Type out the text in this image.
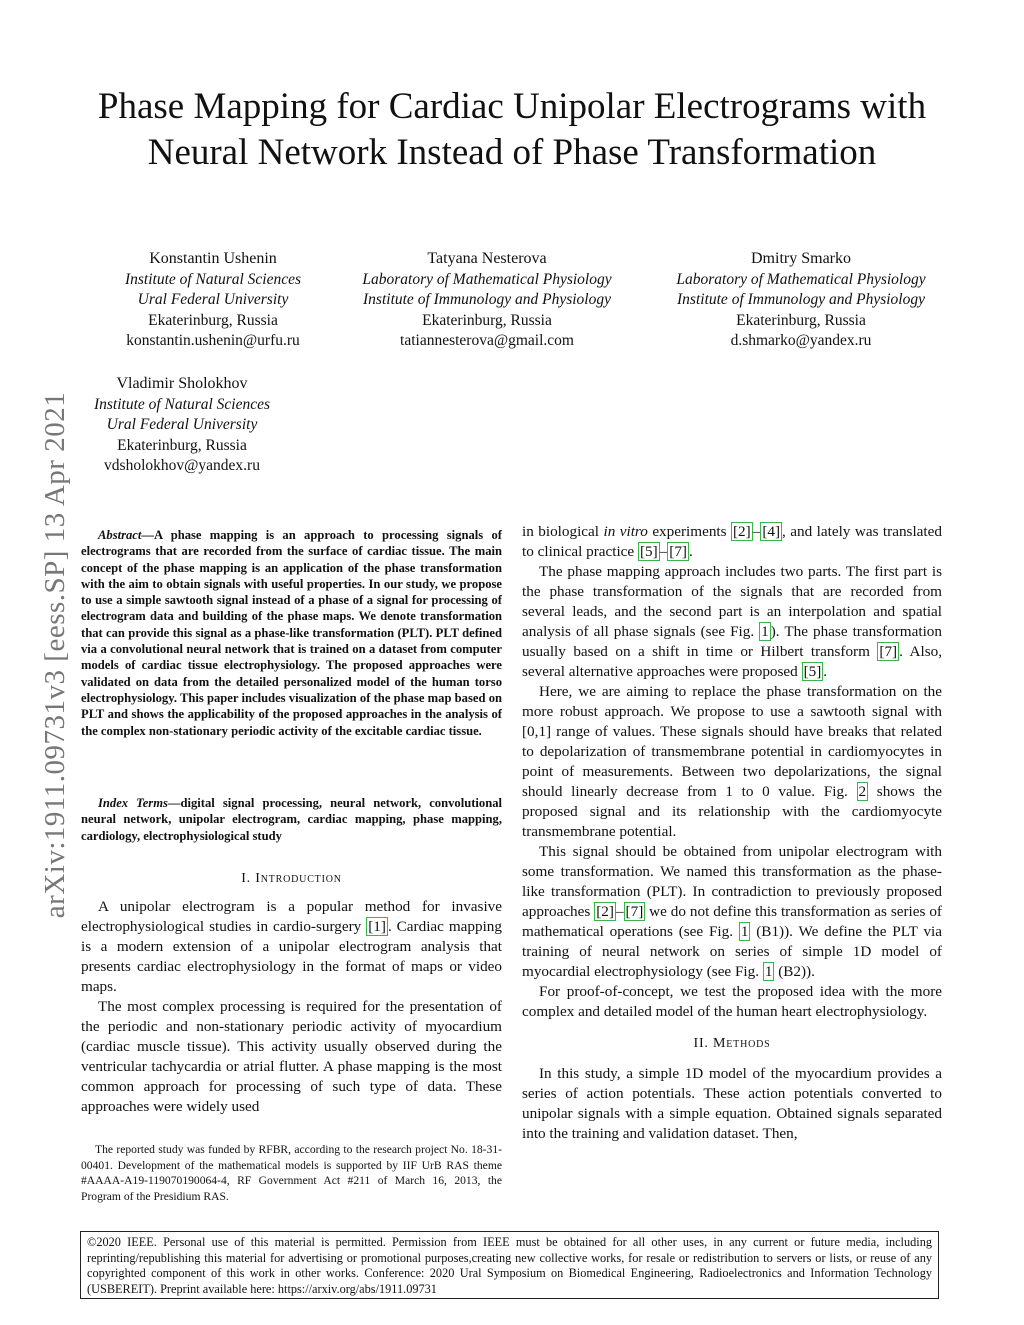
arXiv:1911.09731v3 [eess.SP] 13 Apr 2021
Phase Mapping for Cardiac Unipolar Electrograms with Neural Network Instead of Phase Transformation
Konstantin Ushenin
Institute of Natural Sciences
Ural Federal University
Ekaterinburg, Russia
konstantin.ushenin@urfu.ru
Tatyana Nesterova
Laboratory of Mathematical Physiology
Institute of Immunology and Physiology
Ekaterinburg, Russia
tatiannesterova@gmail.com
Dmitry Smarko
Laboratory of Mathematical Physiology
Institute of Immunology and Physiology
Ekaterinburg, Russia
d.shmarko@yandex.ru
Vladimir Sholokhov
Institute of Natural Sciences
Ural Federal University
Ekaterinburg, Russia
vdsholokhov@yandex.ru
Abstract—A phase mapping is an approach to processing signals of electrograms that are recorded from the surface of cardiac tissue. The main concept of the phase mapping is an application of the phase transformation with the aim to obtain signals with useful properties. In our study, we propose to use a simple sawtooth signal instead of a phase of a signal for processing of electrogram data and building of the phase maps. We denote transformation that can provide this signal as a phase-like transformation (PLT). PLT defined via a convolutional neural network that is trained on a dataset from computer models of cardiac tissue electrophysiology. The proposed approaches were validated on data from the detailed personalized model of the human torso electrophysiology. This paper includes visualization of the phase map based on PLT and shows the applicability of the proposed approaches in the analysis of the complex non-stationary periodic activity of the excitable cardiac tissue.
Index Terms—digital signal processing, neural network, convolutional neural network, unipolar electrogram, cardiac mapping, phase mapping, cardiology, electrophysiological study
I. Introduction

A unipolar electrogram is a popular method for invasive electrophysiological studies in cardio-surgery [1] . Cardiac mapping is a modern extension of a unipolar electrogram analysis that presents cardiac electrophysiology in the format of maps or video maps.

The most complex processing is required for the presentation of the periodic and non-stationary periodic activity of myocardium (cardiac muscle tissue). This activity usually observed during the ventricular tachycardia or atrial flutter. A phase mapping is the most common approach for processing of such type of data. These approaches were widely used

The reported study was funded by RFBR, according to the research project No. 18-31-00401. Development of the mathematical models is supported by IIF UrB RAS theme #AAAA-A19-119070190064-4, RF Government Act #211 of March 16, 2013, the Program of the Presidium RAS.

in biological in vitro experiments [2] – [4] , and lately was translated to clinical practice [5] – [7] .

The phase mapping approach includes two parts. The first part is the phase transformation of the signals that are recorded from several leads, and the second part is an interpolation and spatial analysis of all phase signals (see Fig. 1 ). The phase transformation usually based on a shift in time or Hilbert transform [7] . Also, several alternative approaches were proposed [5] .

Here, we are aiming to replace the phase transformation on the more robust approach. We propose to use a sawtooth signal with [0,1] range of values. These signals should have breaks that related to depolarization of transmembrane potential in cardiomyocytes in point of measurements. Between two depolarizations, the signal should linearly decrease from 1 to 0 value. Fig. 2 shows the proposed signal and its relationship with the cardiomyocyte transmembrane potential.

This signal should be obtained from unipolar electrogram with some transformation. We named this transformation as the phase-like transformation (PLT). In contradiction to previously proposed approaches [2] – [7] we do not define this transformation as series of mathematical operations (see Fig. 1 (B1)). We define the PLT via training of neural network on series of simple 1D model of myocardial electrophysiology (see Fig. 1 (B2)).

For proof-of-concept, we test the proposed idea with the more complex and detailed model of the human heart electrophysiology.

II. Methods

In this study, a simple 1D model of the myocardium provides a series of action potentials. These action potentials converted to unipolar signals with a simple equation. Obtained signals separated into the training and validation dataset. Then,

©2020 IEEE. Personal use of this material is permitted. Permission from IEEE must be obtained for all other uses, in any current or future media, including reprinting/republishing this material for advertising or promotional purposes,creating new collective works, for resale or redistribution to servers or lists, or reuse of any copyrighted component of this work in other works. Conference: 2020 Ural Symposium on Biomedical Engineering, Radioelectronics and Information Technology (USBEREIT). Preprint available here: https://arxiv.org/abs/1911.09731
